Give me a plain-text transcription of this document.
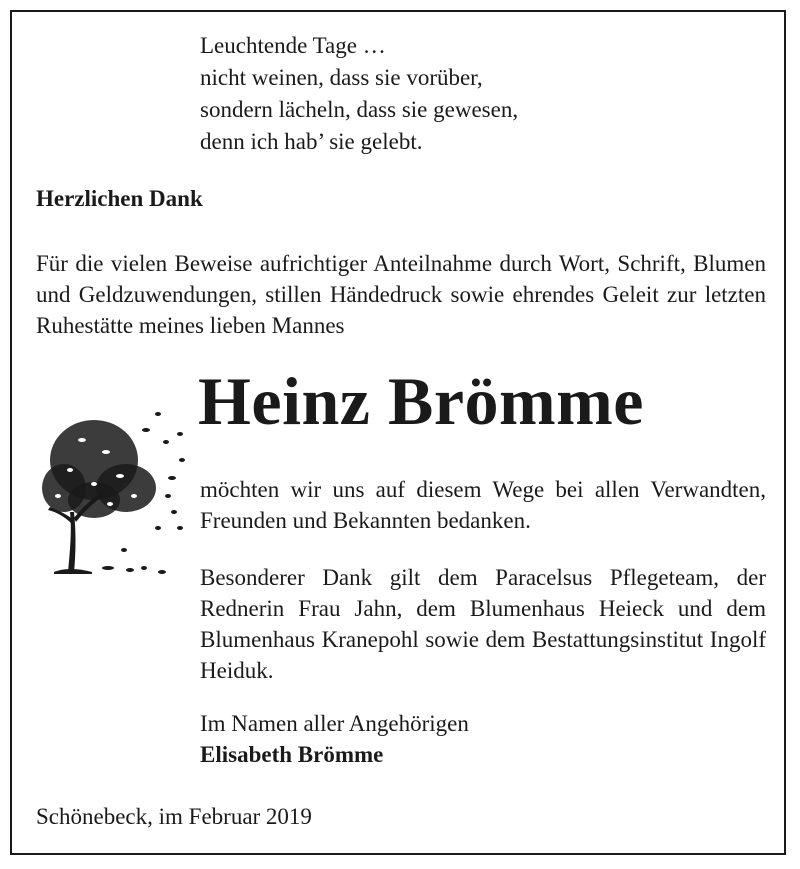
Leuchtende Tage …
nicht weinen, dass sie vorüber,
sondern lächeln, dass sie gewesen,
denn ich hab’ sie gelebt.
Herzlichen Dank
Für die vielen Beweise aufrichtiger Anteilnahme durch Wort, Schrift, Blumen und Geldzuwendungen, stillen Händedruck sowie ehrendes Geleit zur letzten Ruhestätte meines lieben Mannes
Heinz Brömme
möchten wir uns auf diesem Wege bei allen Verwandten, Freunden und Bekannten bedanken.
Besonderer Dank gilt dem Paracelsus Pflegeteam, der Rednerin Frau Jahn, dem Blumenhaus Heieck und dem Blumenhaus Kranepohl sowie dem Bestattungsinstitut Ingolf Heiduk.
Im Namen aller Angehörigen
Elisabeth Brömme
Schönebeck, im Februar 2019
